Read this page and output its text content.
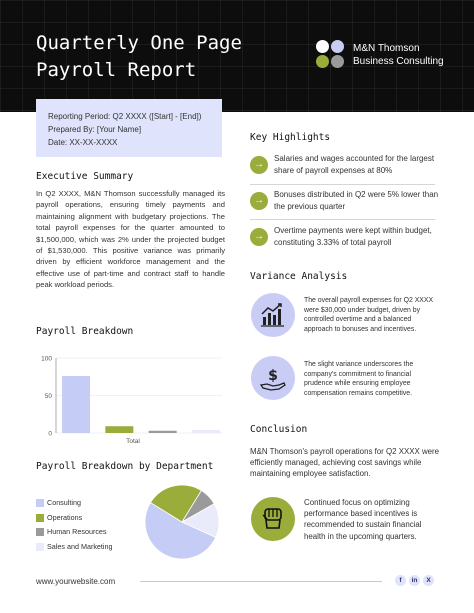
Quarterly One Page
Payroll Report
M&N Thomson
Business Consulting
Reporting Period: Q2 XXXX ([Start] - [End])
Prepared By: [Your Name]
Date: XX-XX-XXXX
Executive Summary
In Q2 XXXX, M&N Thomson successfully managed its payroll operations, ensuring timely payments and maintaining alignment with budgetary projections. The total payroll expenses for the quarter amounted to $1,500,000, which was 2% under the projected budget of $1,530,000. This positive variance was primarily driven by efficient workforce management and the effective use of part-time and contract staff to handle peak workload periods.
Payroll Breakdown
0
50
100
Total
Payroll Breakdown by Department
Consulting
Operations
Human Resources
Sales and Marketing
Key Highlights
→
Salaries and wages accounted for the largest share of payroll expenses at 80%
→
Bonuses distributed in Q2 were 5% lower than the previous quarter
→
Overtime payments were kept within budget, constituting 3.33% of total payroll
Variance Analysis
The overall payroll expenses for Q2 XXXX were $30,000 under budget, driven by controlled overtime and a balanced approach to bonuses and incentives.
$
The slight variance underscores the company's commitment to financial prudence while ensuring employee compensation remains competitive.
Conclusion
M&N Thomson's payroll operations for Q2 XXXX were efficiently managed, achieving cost savings while maintaining employee satisfaction.
Continued focus on optimizing performance based incentives is recommended to sustain financial health in the upcoming quarters.
www.yourwebsite.com	f	in	X
